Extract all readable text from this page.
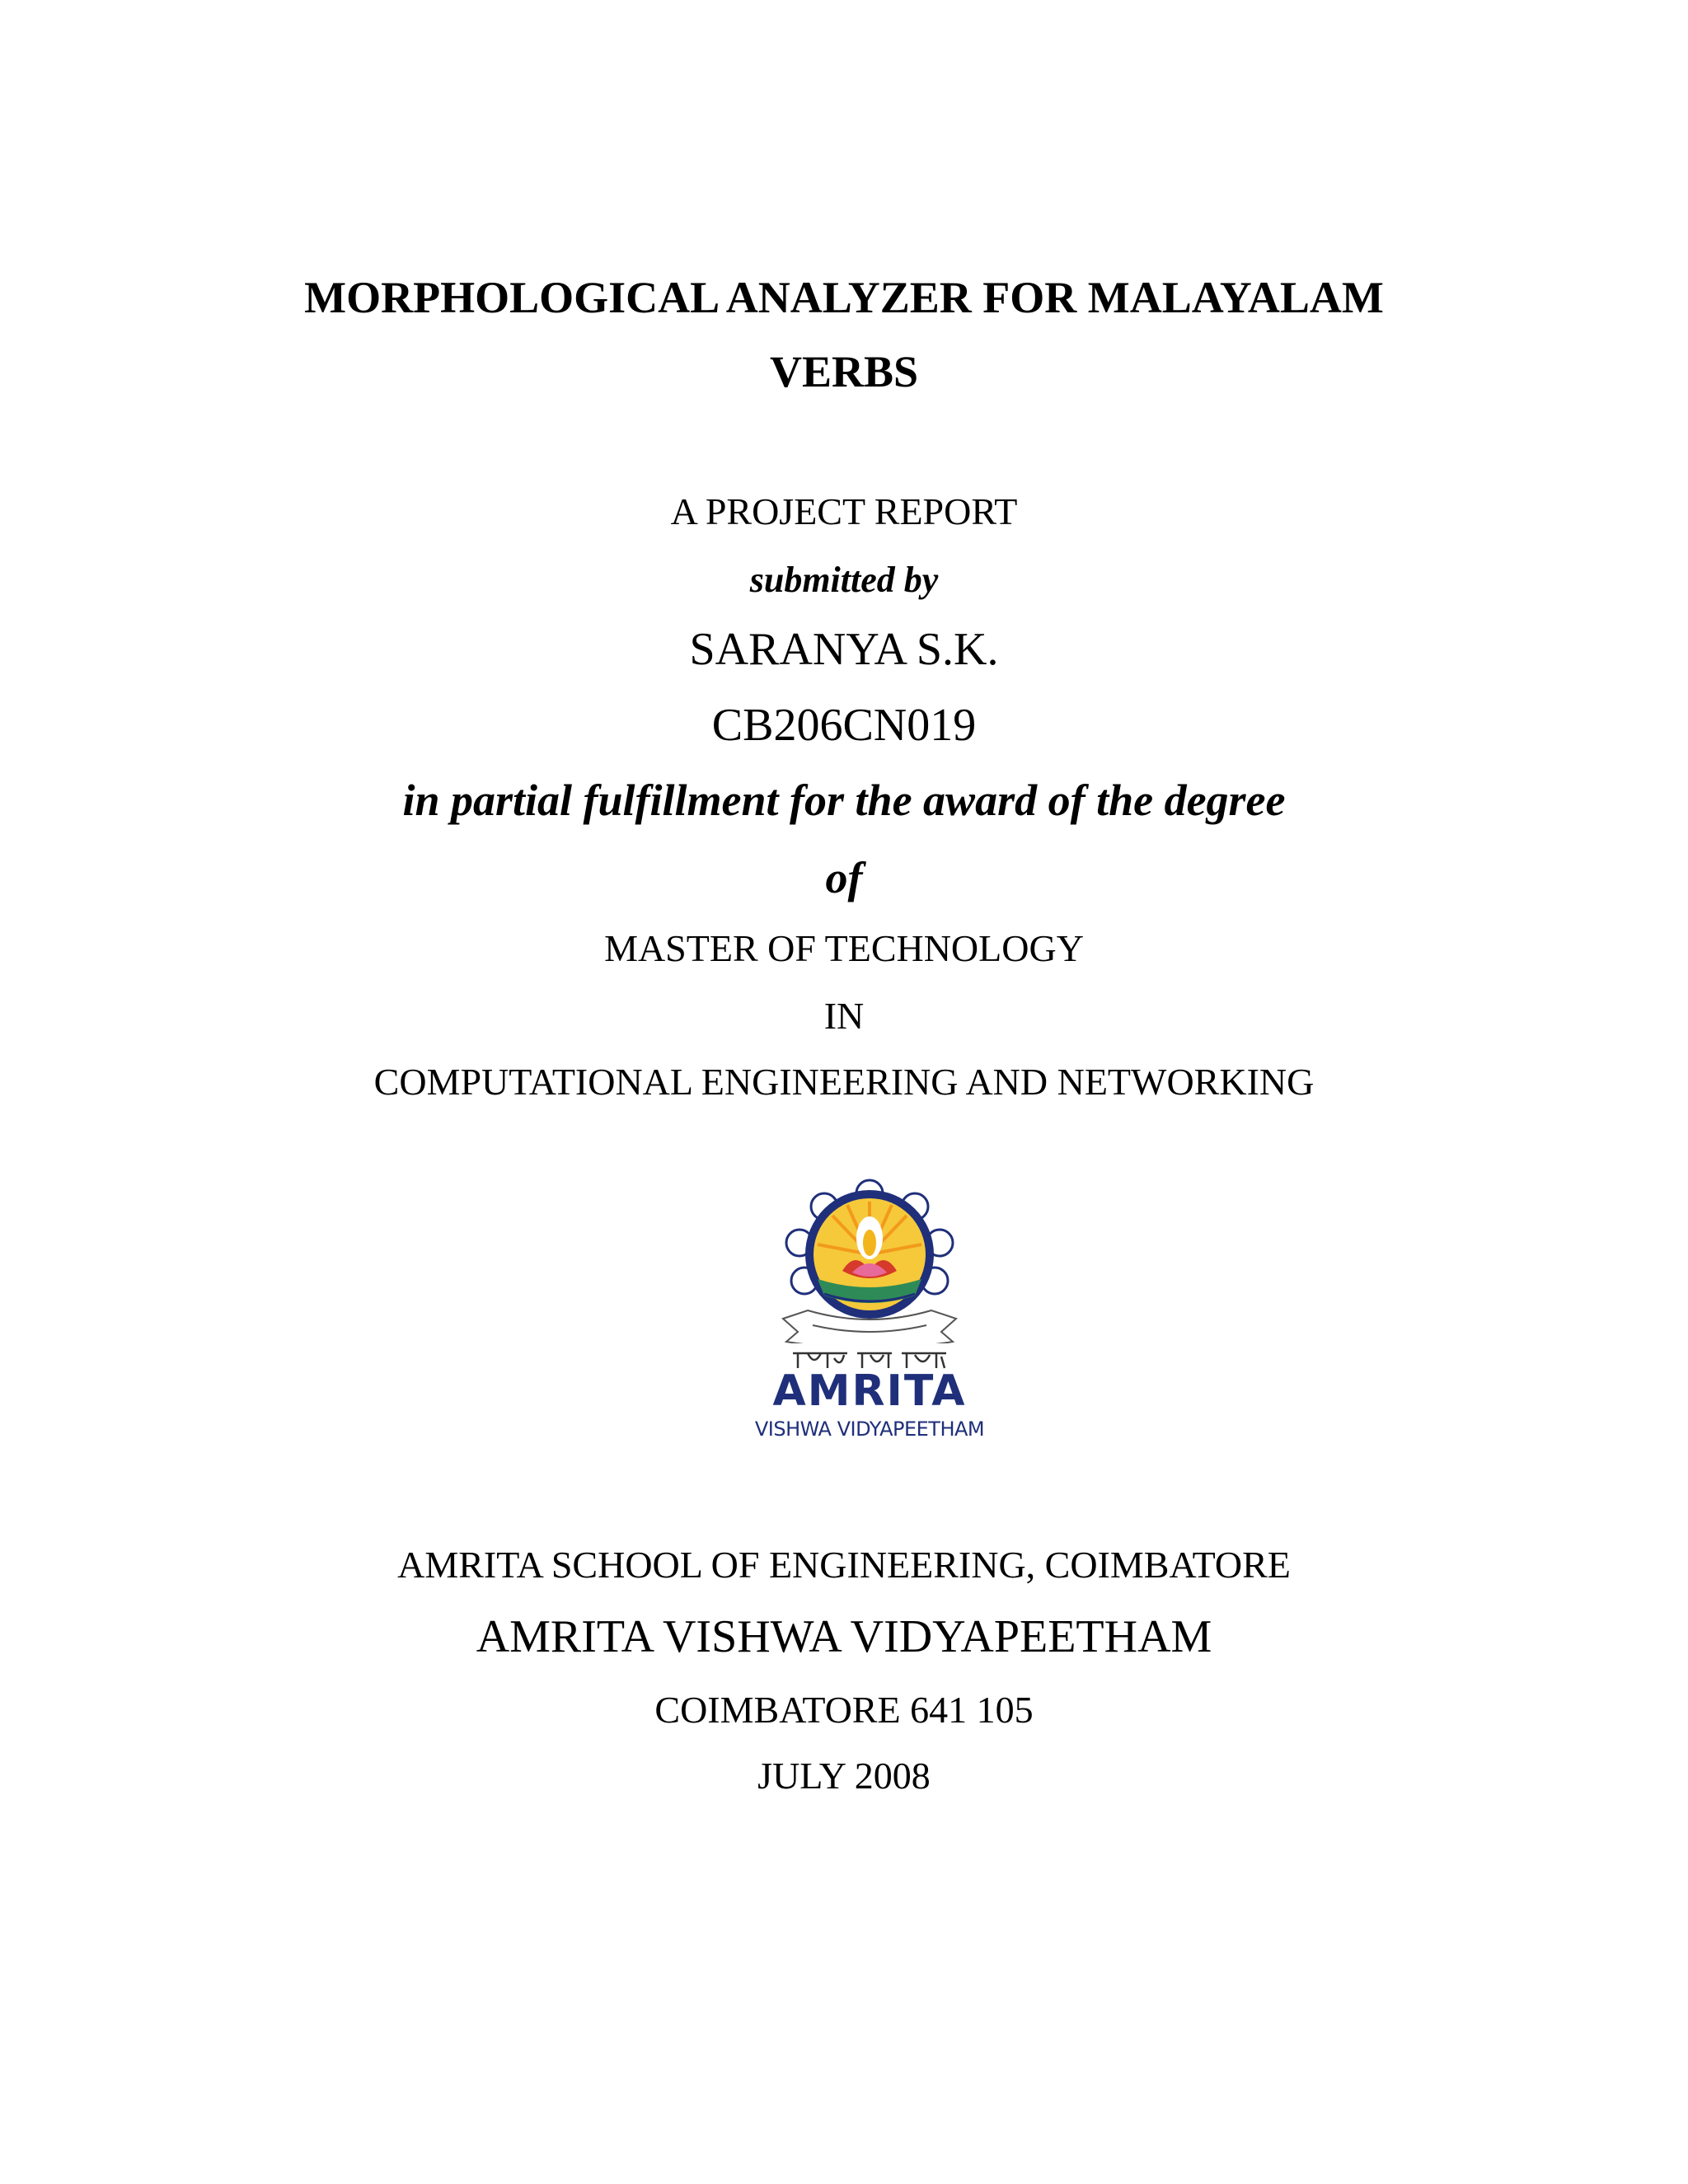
MORPHOLOGICAL ANALYZER FOR MALAYALAM
VERBS
A PROJECT REPORT
submitted by
SARANYA S.K.
CB206CN019
in partial fulfillment for the award of the degree
of
MASTER OF TECHNOLOGY
IN
COMPUTATIONAL ENGINEERING AND NETWORKING
AMRITA
VISHWA VIDYAPEETHAM
AMRITA SCHOOL OF ENGINEERING, COIMBATORE
AMRITA VISHWA VIDYAPEETHAM
COIMBATORE 641 105
JULY 2008
